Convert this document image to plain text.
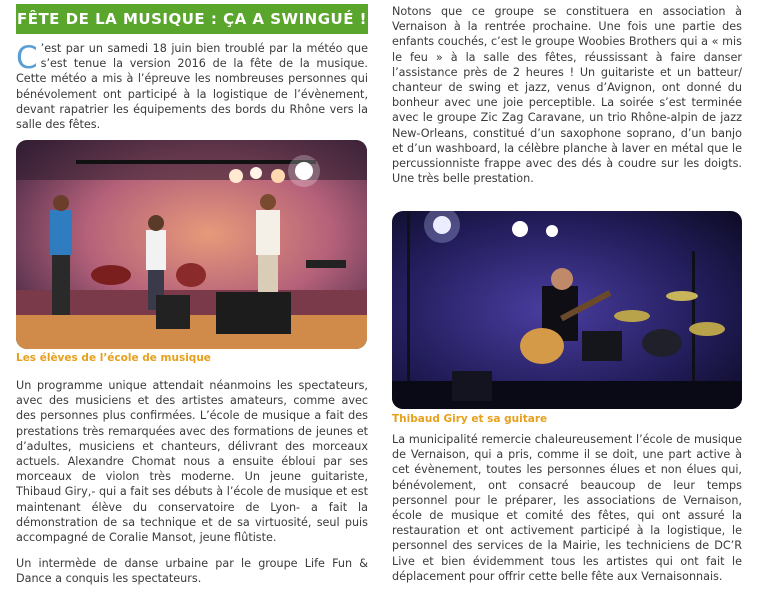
FÊTE DE LA MUSIQUE : ÇA A SWINGUÉ !

C ’est par un samedi 18 juin bien troublé par la météo que s’est tenue la version 2016 de la fête de la musique. Cette météo a mis à l’épreuve les nombreuses personnes qui bénévolement ont participé à la logistique de l’évènement, devant rapatrier les équipements des bords du Rhône vers la salle des fêtes.

Les élèves de l’école de musique

Un programme unique attendait néanmoins les spectateurs, avec des musiciens et des artistes amateurs, comme avec des personnes plus confirmées. L’école de musique a fait des prestations très remarquées avec des formations de jeunes et d’adultes, musiciens et chanteurs, délivrant des morceaux actuels. Alexandre Chomat nous a ensuite ébloui par ses morceaux de violon très moderne. Un jeune guitariste, Thibaud Giry,- qui a fait ses débuts à l’école de musique et est maintenant élève du conservatoire de Lyon- a fait la démonstration de sa technique et de sa virtuosité, seul puis accompagné de Coralie Mansot, jeune flûtiste.

Un intermède de danse urbaine par le groupe Life Fun & Dance a conquis les spectateurs.

Notons que ce groupe se constituera en association à Vernaison à la rentrée prochaine. Une fois une partie des enfants couchés, c’est le groupe Woobies Brothers qui a « mis le feu » à la salle des fêtes, réussissant à faire danser l’assistance près de 2 heures ! Un guitariste et un batteur/ chanteur de swing et jazz, venus d’Avignon, ont donné du bonheur avec une joie perceptible. La soirée s’est terminée avec le groupe Zic Zag Caravane, un trio Rhône-alpin de jazz New-Orleans, constitué d’un saxophone soprano, d’un banjo et d’un washboard, la célèbre planche à laver en métal que le percussionniste frappe avec des dés à coudre sur les doigts. Une très belle prestation.

Thibaud Giry et sa guitare

La municipalité remercie chaleureusement l’école de musique de Vernaison, qui a pris, comme il se doit, une part active à cet évènement, toutes les personnes élues et non élues qui, bénévolement, ont consacré beaucoup de leur temps personnel pour le préparer, les associations de Vernaison, école de musique et comité des fêtes, qui ont assuré la restauration et ont activement participé à la logistique, le personnel des services de la Mairie, les techniciens de DC’R Live et bien évidemment tous les artistes qui ont fait le déplacement pour offrir cette belle fête aux Vernaisonnais.
